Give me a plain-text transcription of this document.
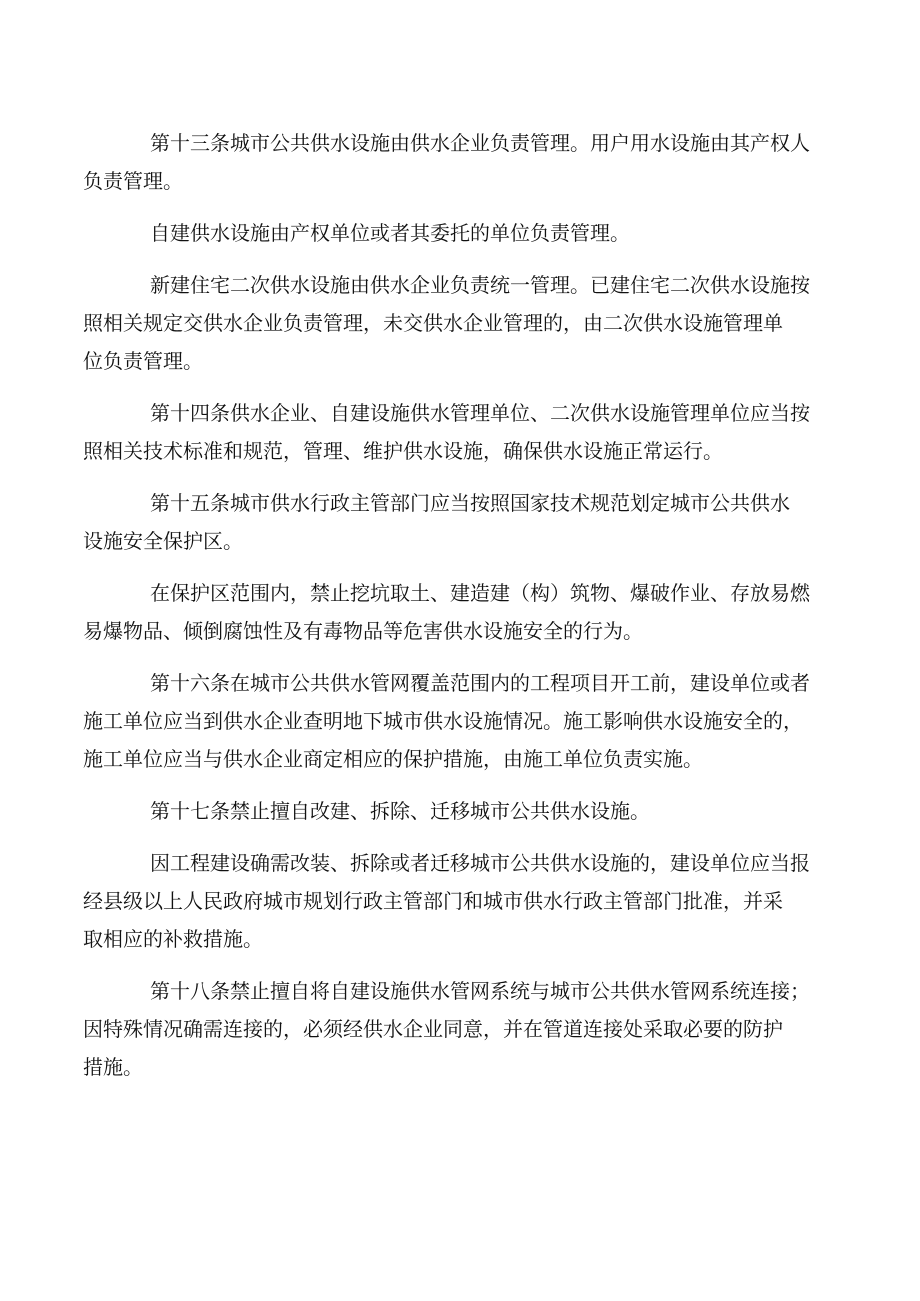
第十三条城市公共供水设施由供水企业负责管理。用户用水设施由其产权人
负责管理。

自建供水设施由产权单位或者其委托的单位负责管理。

新建住宅二次供水设施由供水企业负责统一管理。已建住宅二次供水设施按
照相关规定交供水企业负责管理，未交供水企业管理的，由二次供水设施管理单
位负责管理。

第十四条供水企业、自建设施供水管理单位、二次供水设施管理单位应当按
照相关技术标准和规范，管理、维护供水设施，确保供水设施正常运行。

第十五条城市供水行政主管部门应当按照国家技术规范划定城市公共供水
设施安全保护区。

在保护区范围内，禁止挖坑取土、建造建（构）筑物、爆破作业、存放易燃
易爆物品、倾倒腐蚀性及有毒物品等危害供水设施安全的行为。

第十六条在城市公共供水管网覆盖范围内的工程项目开工前，建设单位或者
施工单位应当到供水企业查明地下城市供水设施情况。施工影响供水设施安全的，
施工单位应当与供水企业商定相应的保护措施，由施工单位负责实施。

第十七条禁止擅自改建、拆除、迁移城市公共供水设施。

因工程建设确需改装、拆除或者迁移城市公共供水设施的，建设单位应当报
经县级以上人民政府城市规划行政主管部门和城市供水行政主管部门批准，并采
取相应的补救措施。

第十八条禁止擅自将自建设施供水管网系统与城市公共供水管网系统连接；
因特殊情况确需连接的，必须经供水企业同意，并在管道连接处采取必要的防护
措施。
